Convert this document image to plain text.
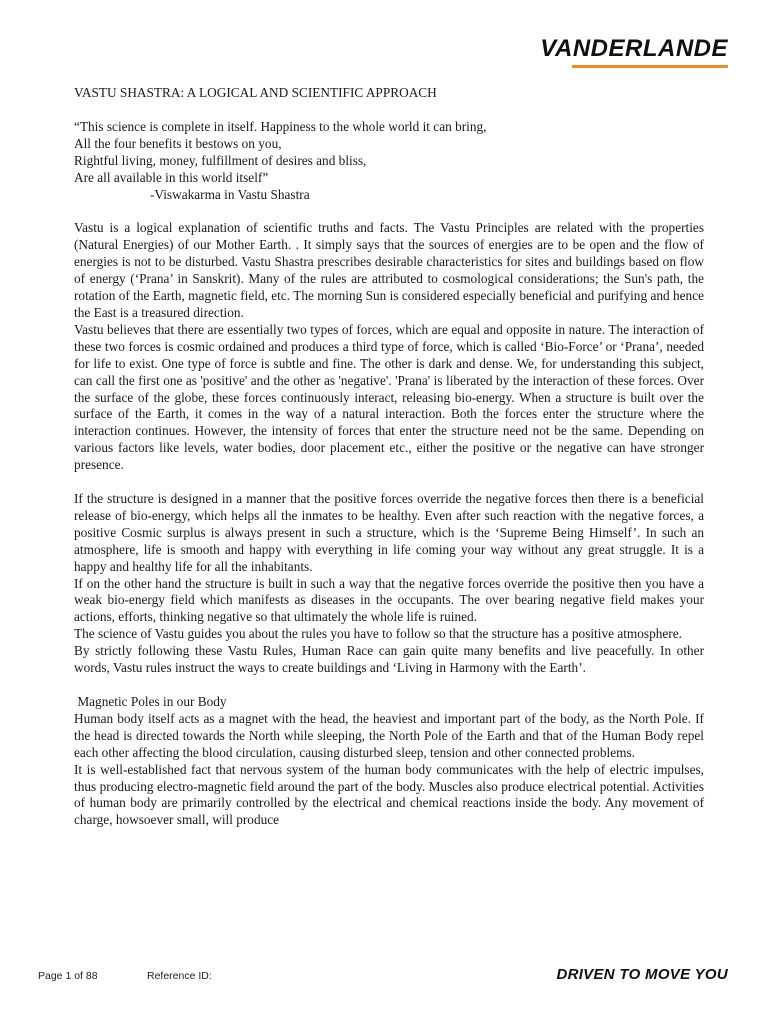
VANDERLANDE
VASTU SHASTRA: A LOGICAL AND SCIENTIFIC APPROACH
“This science is complete in itself. Happiness to the whole world it can bring,
All the four benefits it bestows on you,
Rightful living, money, fulfillment of desires and bliss,
Are all available in this world itself”
-Viswakarma in Vastu Shastra

Vastu is a logical explanation of scientific truths and facts. The Vastu Principles are related with the properties (Natural Energies) of our Mother Earth. . It simply says that the sources of energies are to be open and the flow of energies is not to be disturbed. Vastu Shastra prescribes desirable characteristics for sites and buildings based on flow of energy (‘Prana’ in Sanskrit). Many of the rules are attributed to cosmological considerations; the Sun's path, the rotation of the Earth, magnetic field, etc. The morning Sun is considered especially beneficial and purifying and hence the East is a treasured direction.

Vastu believes that there are essentially two types of forces, which are equal and opposite in nature. The interaction of these two forces is cosmic ordained and produces a third type of force, which is called ‘Bio-Force’ or ‘Prana’, needed for life to exist. One type of force is subtle and fine. The other is dark and dense. We, for understanding this subject, can call the first one as 'positive' and the other as 'negative'. 'Prana' is liberated by the interaction of these forces. Over the surface of the globe, these forces continuously interact, releasing bio-energy. When a structure is built over the surface of the Earth, it comes in the way of a natural interaction. Both the forces enter the structure where the interaction continues. However, the intensity of forces that enter the structure need not be the same. Depending on various factors like levels, water bodies, door placement etc., either the positive or the negative can have stronger presence.

If the structure is designed in a manner that the positive forces override the negative forces then there is a beneficial release of bio-energy, which helps all the inmates to be healthy. Even after such reaction with the negative forces, a positive Cosmic surplus is always present in such a structure, which is the ‘Supreme Being Himself’. In such an atmosphere, life is smooth and happy with everything in life coming your way without any great struggle. It is a happy and healthy life for all the inhabitants.

If on the other hand the structure is built in such a way that the negative forces override the positive then you have a weak bio-energy field which manifests as diseases in the occupants. The over bearing negative field makes your actions, efforts, thinking negative so that ultimately the whole life is ruined.

The science of Vastu guides you about the rules you have to follow so that the structure has a positive atmosphere.

By strictly following these Vastu Rules, Human Race can gain quite many benefits and live peacefully. In other words, Vastu rules instruct the ways to create buildings and ‘Living in Harmony with the Earth’.

Magnetic Poles in our Body

Human body itself acts as a magnet with the head, the heaviest and important part of the body, as the North Pole. If the head is directed towards the North while sleeping, the North Pole of the Earth and that of the Human Body repel each other affecting the blood circulation, causing disturbed sleep, tension and other connected problems.

It is well-established fact that nervous system of the human body communicates with the help of electric impulses, thus producing electro-magnetic field around the part of the body. Muscles also produce electrical potential. Activities of human body are primarily controlled by the electrical and chemical reactions inside the body. Any movement of charge, howsoever small, will produce

Page 1 of 88	Reference ID:	DRIVEN TO MOVE YOU
